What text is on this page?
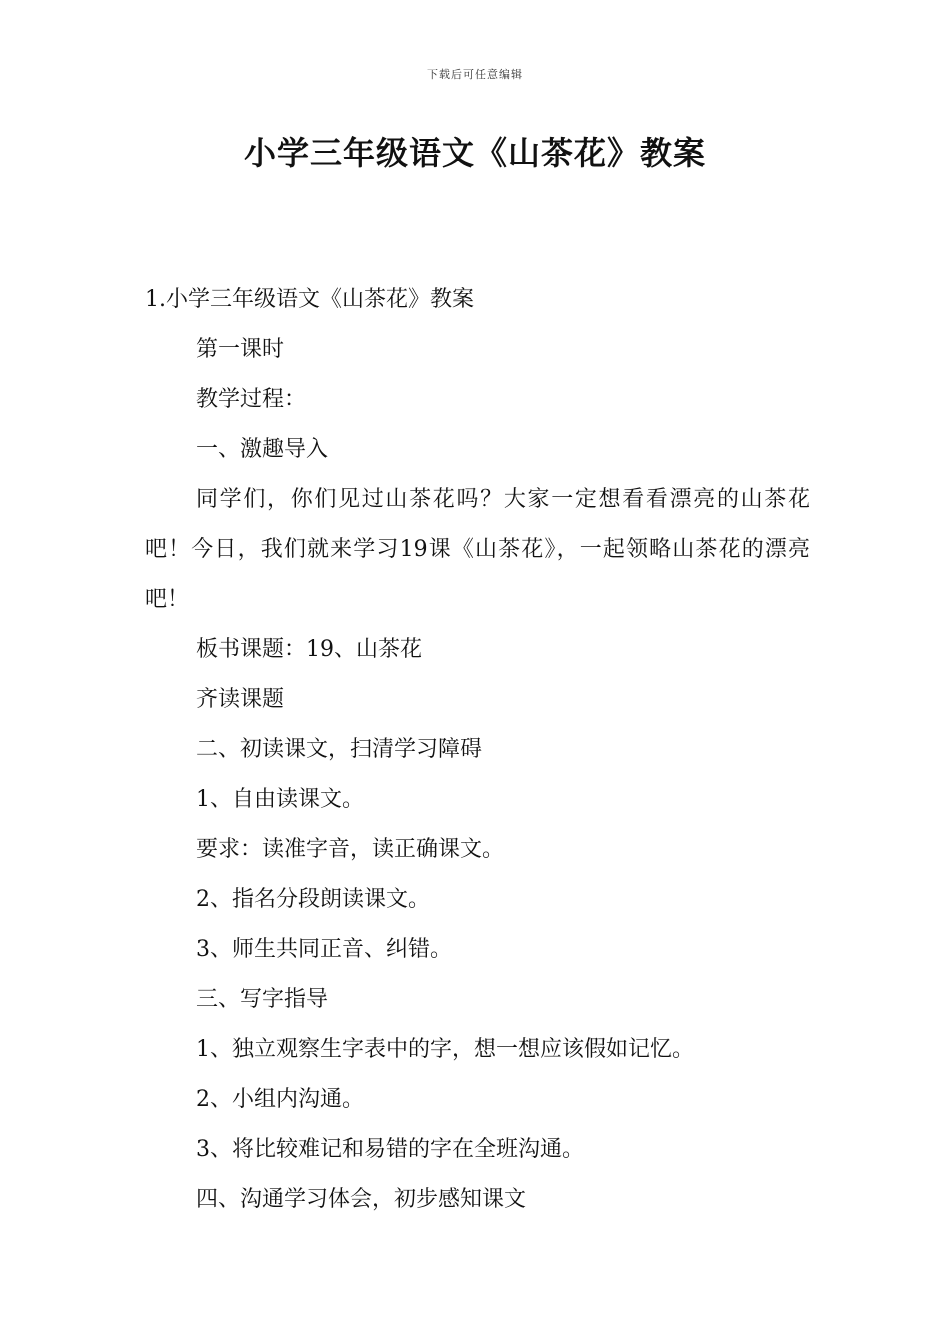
下载后可任意编辑
小学三年级语文《山茶花》教案

1.小学三年级语文《山茶花》教案

第一课时

教学过程：

一、激趣导入

同学们，你们见过山茶花吗？大家一定想看看漂亮的山茶花吧！今日，我们就来学习19课《山茶花》，一起领略山茶花的漂亮吧！

板书课题：19、山茶花

齐读课题

二、初读课文，扫清学习障碍

1、自由读课文。

要求：读准字音，读正确课文。

2、指名分段朗读课文。

3、师生共同正音、纠错。

三、写字指导

1、独立观察生字表中的字，想一想应该假如记忆。

2、小组内沟通。

3、将比较难记和易错的字在全班沟通。

四、沟通学习体会，初步感知课文
